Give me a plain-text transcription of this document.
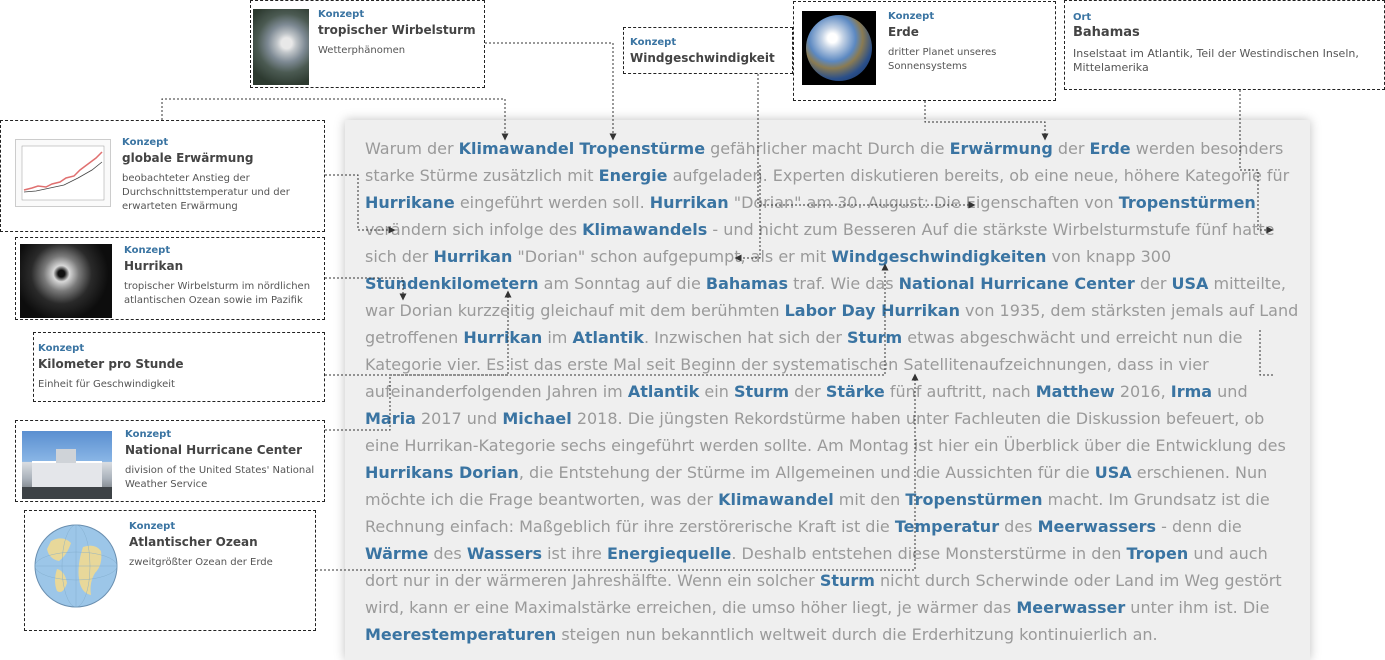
Warum der Klimawandel Tropenstürme gefährlicher macht Durch die Erwärmung der Erde werden besonders starke Stürme zusätzlich mit Energie aufgeladen. Experten diskutieren bereits, ob eine neue, höhere Kategorie für Hurrikane eingeführt werden soll. Hurrikan "Dorian" am 30. August: Die Eigenschaften von Tropenstürmen verändern sich infolge des Klimawandels - und nicht zum Besseren Auf die stärkste Wirbelsturmstufe fünf hatte sich der Hurrikan "Dorian" schon aufgepumpt, als er mit Windgeschwindigkeiten von knapp 300 Stundenkilometern am Sonntag auf die Bahamas traf. Wie das National Hurricane Center der USA mitteilte, war Dorian kurzzeitig gleichauf mit dem berühmten Labor Day Hurrikan von 1935, dem stärksten jemals auf Land getroffenen Hurrikan im Atlantik. Inzwischen hat sich der Sturm etwas abgeschwächt und erreicht nun die Kategorie vier. Es ist das erste Mal seit Beginn der systematischen Satellitenaufzeichnungen, dass in vier aufeinanderfolgenden Jahren im Atlantik ein Sturm der Stärke fünf auftritt, nach Matthew 2016, Irma und Maria 2017 und Michael 2018. Die jüngsten Rekordstürme haben unter Fachleuten die Diskussion befeuert, ob eine Hurrikan-Kategorie sechs eingeführt werden sollte. Am Montag ist hier ein Überblick über die Entwicklung des Hurrikans Dorian, die Entstehung der Stürme im Allgemeinen und die Aussichten für die USA erschienen. Nun möchte ich die Frage beantworten, was der Klimawandel mit den Tropenstürmen macht. Im Grundsatz ist die Rechnung einfach: Maßgeblich für ihre zerstörerische Kraft ist die Temperatur des Meerwassers - denn die Wärme des Wassers ist ihre Energiequelle. Deshalb entstehen diese Monsterstürme in den Tropen und auch dort nur in der wärmeren Jahreshälfte. Wenn ein solcher Sturm nicht durch Scherwinde oder Land im Weg gestört wird, kann er eine Maximalstärke erreichen, die umso höher liegt, je wärmer das Meerwasser unter ihm ist. Die Meerestemperaturen steigen nun bekanntlich weltweit durch die Erderhitzung kontinuierlich an.
Konzept
tropischer Wirbelsturm
Wetterphänomen
Konzept
Windgeschwindigkeit
Konzept
Erde
dritter Planet unseres Sonnensystems
Ort
Bahamas
Inselstaat im Atlantik, Teil der Westindischen Inseln, Mittelamerika
Konzept
globale Erwärmung
beobachteter Anstieg der Durchschnittstemperatur und der erwarteten Erwärmung
Konzept
Hurrikan
tropischer Wirbelsturm im nördlichen atlantischen Ozean sowie im Pazifik
Konzept
Kilometer pro Stunde
Einheit für Geschwindigkeit
Konzept
National Hurricane Center
division of the United States' National Weather Service
Konzept
Atlantischer Ozean
zweitgrößter Ozean der Erde
